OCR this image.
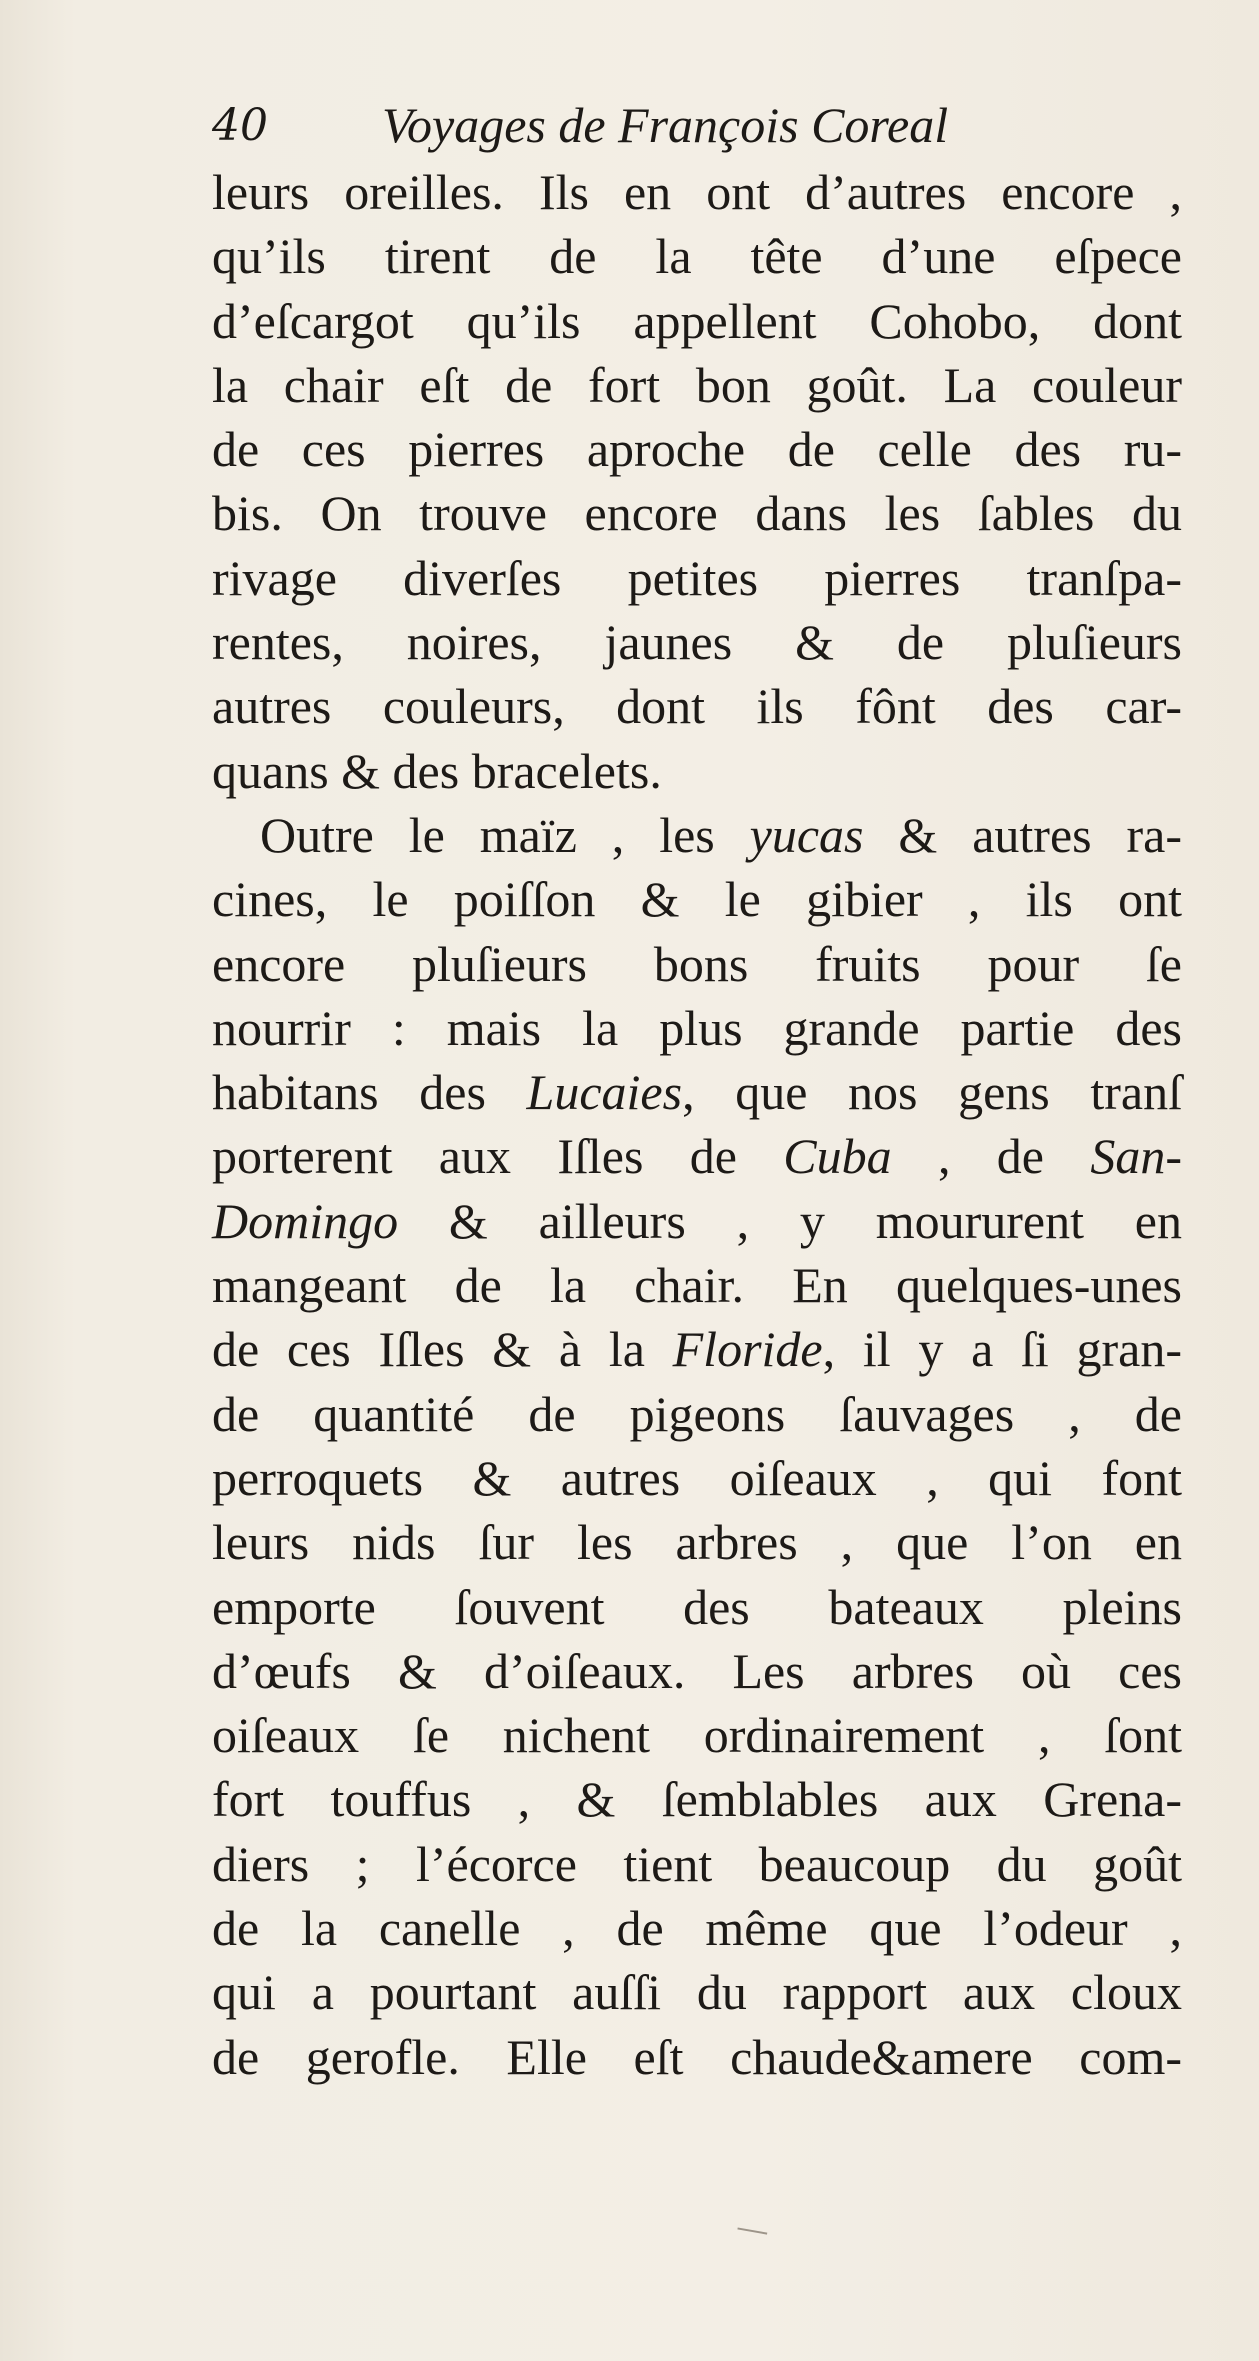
40 Voyages de François Coreal
leurs oreilles. Ils en ont d’autres encore ,
qu’ils tirent de la tête d’une eſpece
d’eſcargot qu’ils appellent Cohobo, dont
la chair eſt de fort bon goût. La couleur
de ces pierres aproche de celle des ru-
bis. On trouve encore dans les ſables du
rivage diverſes petites pierres tranſpa-
rentes, noires, jaunes & de pluſieurs
autres couleurs, dont ils fônt des car-
quans & des bracelets.
Outre le maïz , les yucas & autres ra-
cines, le poiſſon & le gibier , ils ont
encore pluſieurs bons fruits pour ſe
nourrir : mais la plus grande partie des
habitans des Lucaies, que nos gens tranſ
porterent aux Iſles de Cuba , de San-
Domingo & ailleurs , y moururent en
mangeant de la chair. En quelques-unes
de ces Iſles & à la Floride, il y a ſi gran-
de quantité de pigeons ſauvages , de
perroquets & autres oiſeaux , qui font
leurs nids ſur les arbres , que l’on en
emporte ſouvent des bateaux pleins
d’œufs & d’oiſeaux. Les arbres où ces
oiſeaux ſe nichent ordinairement , ſont
fort touffus , & ſemblables aux Grena-
diers ; l’écorce tient beaucoup du goût
de la canelle , de même que l’odeur ,
qui a pourtant auſſi du rapport aux cloux
de gerofle. Elle eſt chaude&amere com-
